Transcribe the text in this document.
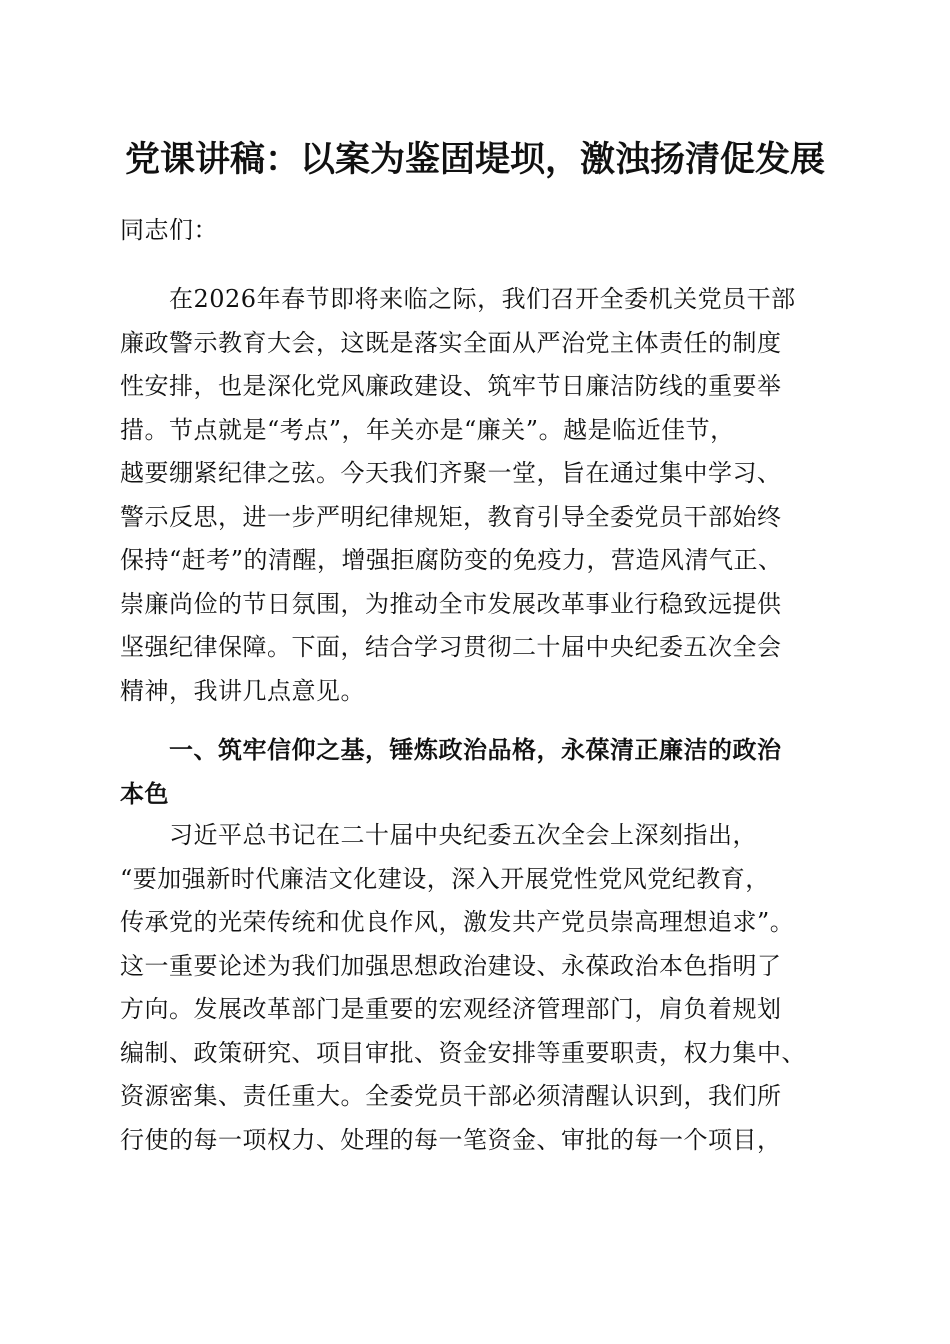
党课讲稿：以案为鉴固堤坝，激浊扬清促发展
同志们：
　　在2026年春节即将来临之际，我们召开全委机关党员干部
廉政警示教育大会，这既是落实全面从严治党主体责任的制度
性安排，也是深化党风廉政建设、筑牢节日廉洁防线的重要举
措。节点就是“考点”，年关亦是“廉关”。越是临近佳节，
越要绷紧纪律之弦。今天我们齐聚一堂，旨在通过集中学习、
警示反思，进一步严明纪律规矩，教育引导全委党员干部始终
保持“赶考”的清醒，增强拒腐防变的免疫力，营造风清气正、
崇廉尚俭的节日氛围，为推动全市发展改革事业行稳致远提供
坚强纪律保障。下面，结合学习贯彻二十届中央纪委五次全会
精神，我讲几点意见。
　　一、筑牢信仰之基，锤炼政治品格，永葆清正廉洁的政治
本色
　　习近平总书记在二十届中央纪委五次全会上深刻指出，
“要加强新时代廉洁文化建设，深入开展党性党风党纪教育，
传承党的光荣传统和优良作风，激发共产党员崇高理想追求”。
这一重要论述为我们加强思想政治建设、永葆政治本色指明了
方向。发展改革部门是重要的宏观经济管理部门，肩负着规划
编制、政策研究、项目审批、资金安排等重要职责，权力集中、
资源密集、责任重大。全委党员干部必须清醒认识到，我们所
行使的每一项权力、处理的每一笔资金、审批的每一个项目，
